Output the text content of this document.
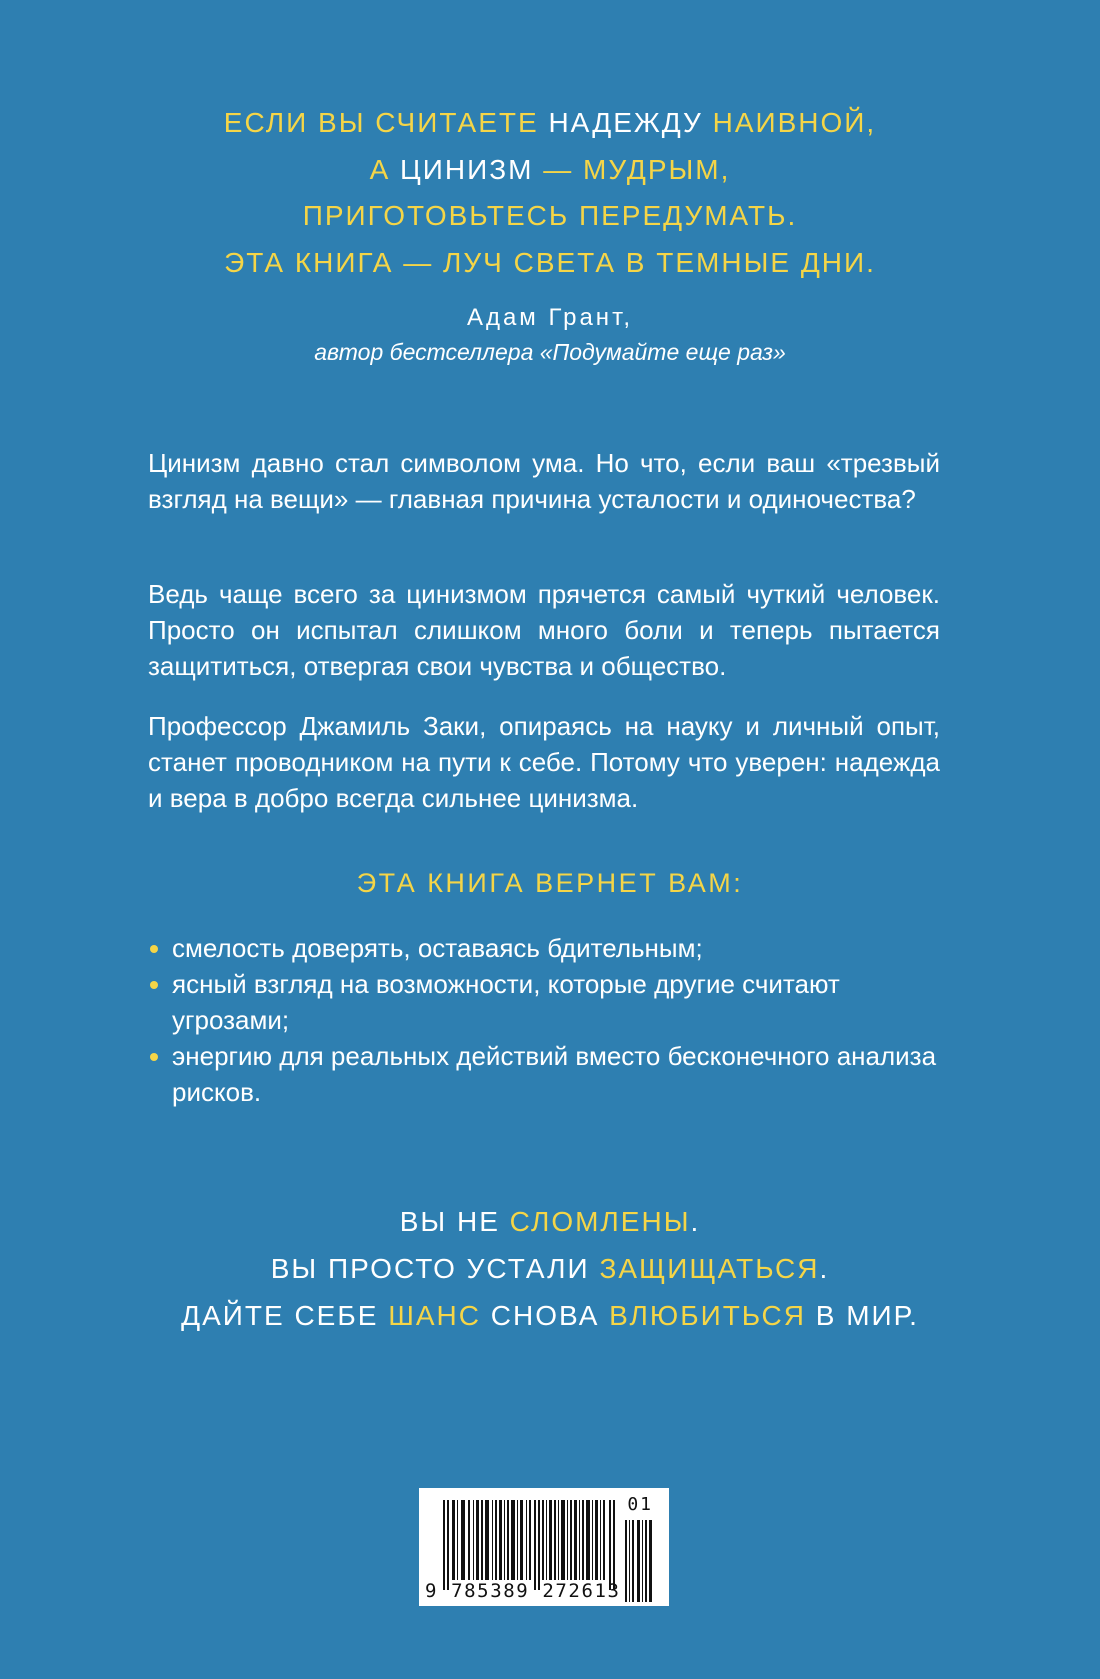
ЕСЛИ ВЫ СЧИТАЕТЕ НАДЕЖДУ НАИВНОЙ,
А ЦИНИЗМ — МУДРЫМ,
ПРИГОТОВЬТЕСЬ ПЕРЕДУМАТЬ.
ЭТА КНИГА — ЛУЧ СВЕТА В ТЕМНЫЕ ДНИ.
Адам Грант,
автор бестселлера «Подумайте еще раз»

Цинизм давно стал символом ума. Но что, если ваш «трезвый взгляд на вещи» — главная причина усталости и одиночества?

Ведь чаще всего за цинизмом прячется самый чуткий человек. Просто он испытал слишком много боли и теперь пытается защититься, отвергая свои чувства и общество.

Профессор Джамиль Заки, опираясь на науку и личный опыт, станет проводником на пути к себе. Потому что уверен: надежда и вера в добро всегда сильнее цинизма.

ЭТА КНИГА ВЕРНЕТ ВАМ:
смелость доверять, оставаясь бдительным;
ясный взгляд на возможности, которые другие считают угрозами;
энергию для реальных действий вместо бесконечного анализа рисков.
ВЫ НЕ СЛОМЛЕНЫ.
ВЫ ПРОСТО УСТАЛИ ЗАЩИЩАТЬСЯ.
ДАЙТЕ СЕБЕ ШАНС СНОВА ВЛЮБИТЬСЯ В МИР.
01
9 785389 272613
